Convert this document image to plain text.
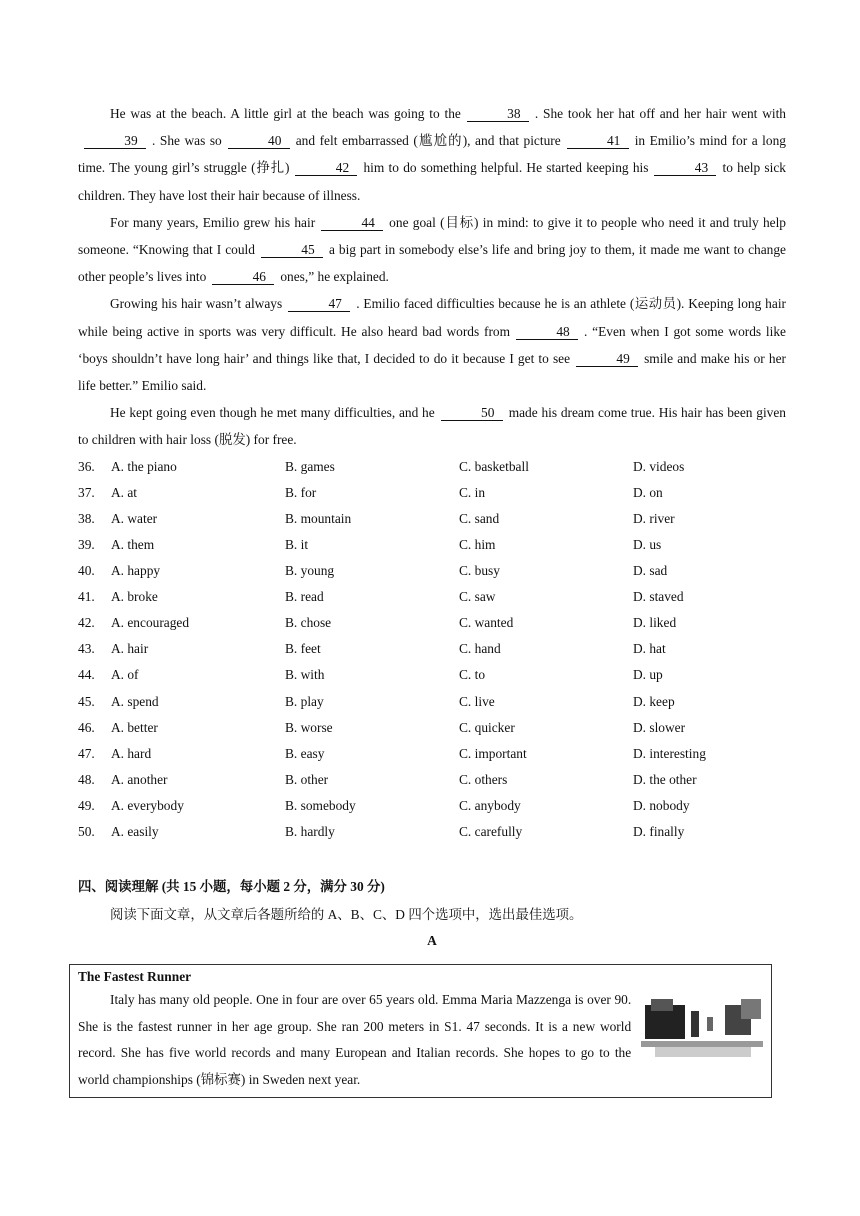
He was at the beach. A little girl at the beach was going to the	38 . She took her hat off and her hair went with39 . She was so	40 and felt embarrassed (尴尬的), and that picture	41 in Emilio’s mind for a long time. The young girl’s struggle (挣扎)	42 him to do something helpful. He started keeping his	43 to help sick children. They have lost their hair because of illness.

For many years, Emilio grew his hair	44 one goal (目标) in mind: to give it to people who need it and truly help someone. “Knowing that I could	45 a big part in somebody else’s life and bring joy to them, it made me want to change other people’s lives into	46 ones,” he explained.

Growing his hair wasn’t always	47 . Emilio faced difficulties because he is an athlete (运动员). Keeping long hair while being active in sports was very difficult. He also heard bad words from	48 . “Even when I got some words like ‘boys shouldn’t have long hair’ and things like that, I decided to do it because I get to see	49 smile and make his or her life better.” Emilio said.

He kept going even though he met many difficulties, and he	50 made his dream come true. His hair has been given to children with hair loss (脱发) for free.

36.	A. the piano	B. games	C. basketball	D. videos
37.	A. at	B. for	C. in	D. on
38.	A. water	B. mountain	C. sand	D. river
39.	A. them	B. it	C. him	D. us
40.	A. happy	B. young	C. busy	D. sad
41.	A. broke	B. read	C. saw	D. staved
42.	A. encouraged	B. chose	C. wanted	D. liked
43.	A. hair	B. feet	C. hand	D. hat
44.	A. of	B. with	C. to	D. up
45.	A. spend	B. play	C. live	D. keep
46.	A. better	B. worse	C. quicker	D. slower
47.	A. hard	B. easy	C. important	D. interesting
48.	A. another	B. other	C. others	D. the other
49.	A. everybody	B. somebody	C. anybody	D. nobody
50.	A. easily	B. hardly	C. carefully	D. finally
四、阅读理解 (共 15 小题，每小题 2 分，满分 30 分)
阅读下面文章，从文章后各题所给的 A、B、C、D 四个选项中，选出最佳选项。
A
The Fastest Runner

Italy has many old people. One in four are over 65 years old. Emma Maria Mazzenga is over 90. She is the fastest runner in her age group. She ran 200 meters in S1. 47 seconds. It is a new world record. She has five world records and many European and Italian records. She hopes to go to the world championships (锦标赛) in Sweden next year.
